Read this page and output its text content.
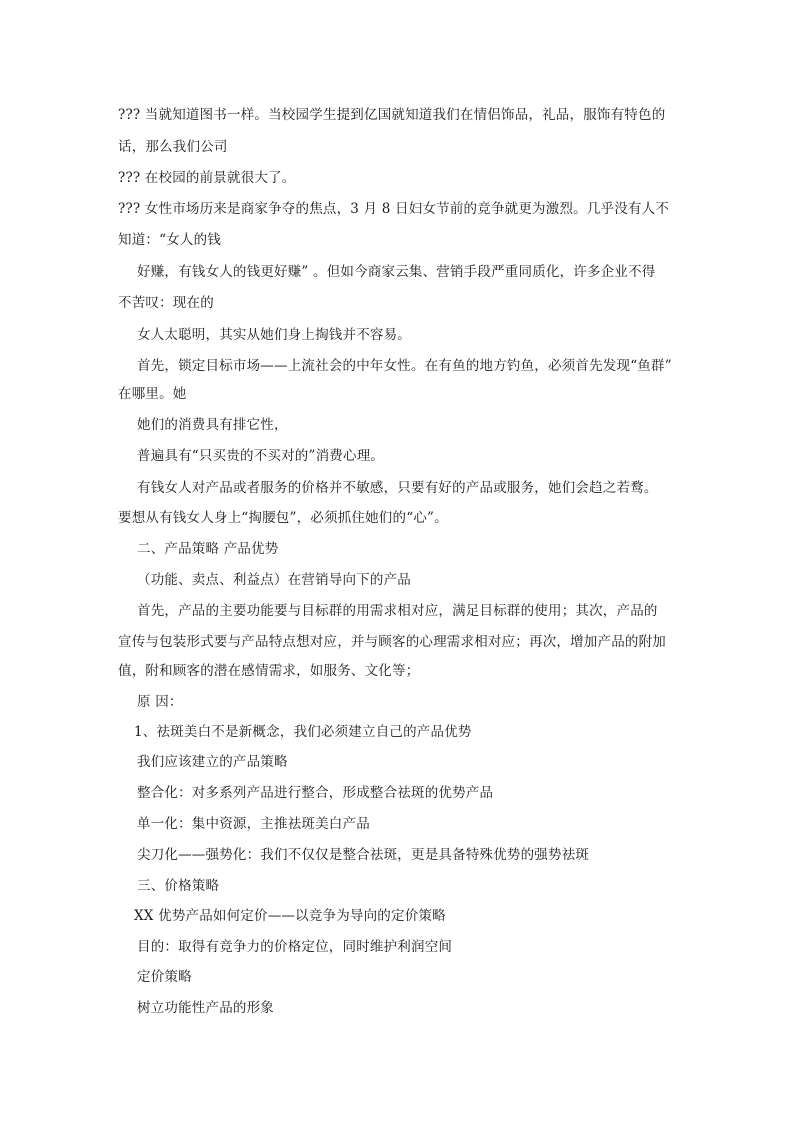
??? 当就知道图书一样。当校园学生提到亿国就知道我们在情侣饰品，礼品，服饰有特色的
话，那么我们公司
??? 在校园的前景就很大了。
??? 女性市场历来是商家争夺的焦点，3 月 8 日妇女节前的竞争就更为激烈。几乎没有人不
知道：“女人的钱
好赚，有钱女人的钱更好赚” 。但如今商家云集、营销手段严重同质化，许多企业不得
不苦叹：现在的
女人太聪明，其实从她们身上掏钱并不容易。
首先，锁定目标市场——上流社会的中年女性。在有鱼的地方钓鱼，必须首先发现“鱼群”
在哪里。她
她们的消费具有排它性，
普遍具有“只买贵的不买对的”消费心理。
有钱女人对产品或者服务的价格并不敏感，只要有好的产品或服务，她们会趋之若鹜。
要想从有钱女人身上“掏腰包”，必须抓住她们的“心”。
二、产品策略 产品优势
（功能、卖点、利益点）在营销导向下的产品
首先，产品的主要功能要与目标群的用需求相对应，满足目标群的使用；其次，产品的
宣传与包装形式要与产品特点想对应，并与顾客的心理需求相对应；再次，增加产品的附加
值，附和顾客的潜在感情需求，如服务、文化等；
原 因：
1、祛斑美白不是新概念，我们必须建立自己的产品优势
我们应该建立的产品策略
整合化：对多系列产品进行整合，形成整合祛斑的优势产品
单一化：集中资源，主推祛斑美白产品
尖刀化——强势化：我们不仅仅是整合祛斑，更是具备特殊优势的强势祛斑
三、价格策略
XX 优势产品如何定价——以竞争为导向的定价策略
目的：取得有竞争力的价格定位，同时维护利润空间
定价策略
树立功能性产品的形象
